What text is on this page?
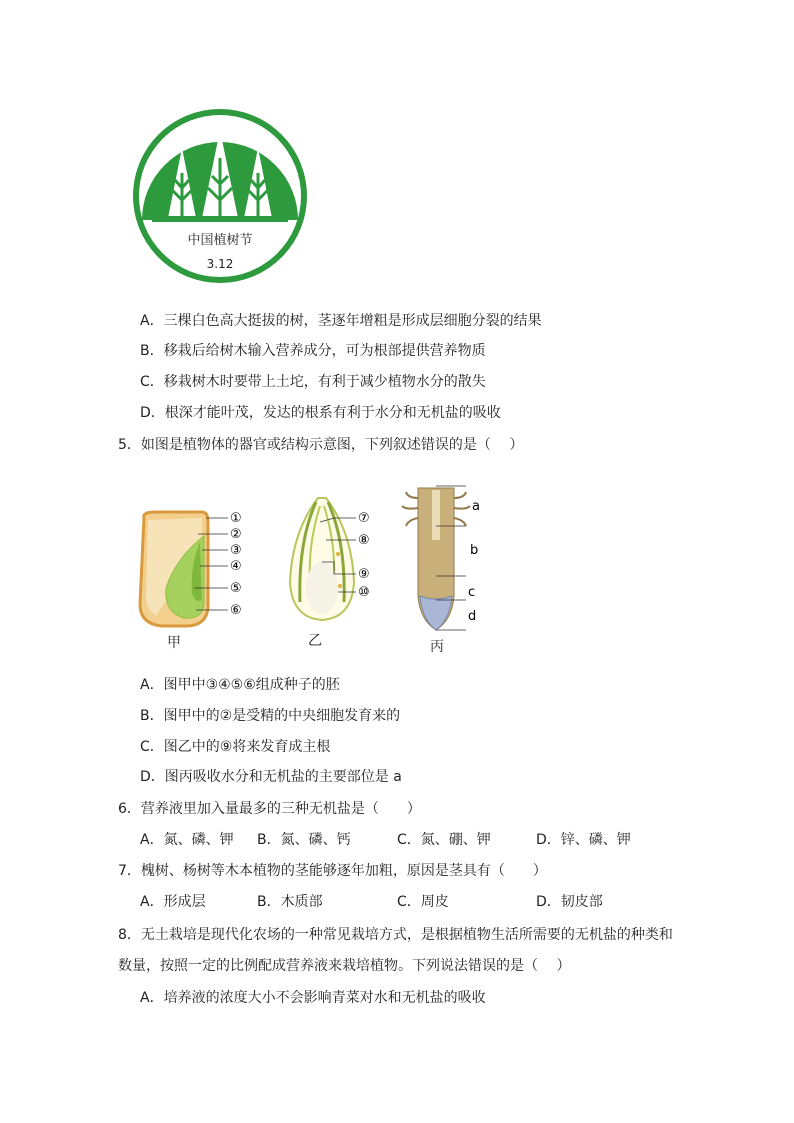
中国植树节
3.12
A．三棵白色高大挺拔的树，茎逐年增粗是形成层细胞分裂的结果
B．移栽后给树木输入营养成分，可为根部提供营养物质
C．移栽树木时要带上土坨，有利于减少植物水分的散失
D．根深才能叶茂，发达的根系有利于水分和无机盐的吸收
5．如图是植物体的器官或结构示意图，下列叙述错误的是（　 ）
①
②
③
④
⑤
⑥
甲
⑦
⑧
⑨
⑩
乙
a
b
c
d
丙
A．图甲中③④⑤⑥组成种子的胚
B．图甲中的②是受精的中央细胞发育来的
C．图乙中的⑨将来发育成主根
D．图丙吸收水分和无机盐的主要部位是 a
6．营养液里加入量最多的三种无机盐是（　　）
A．氮、磷、钾 B．氮、磷、钙	C．氮、硼、钾	D．锌、磷、钾
7．槐树、杨树等木本植物的茎能够逐年加粗，原因是茎具有（　　）
A．形成层	B．木质部	C．周皮	D．韧皮部
8．无土栽培是现代化农场的一种常见栽培方式，是根据植物生活所需要的无机盐的种类和
数量，按照一定的比例配成营养液来栽培植物。下列说法错误的是（　 ）
A．培养液的浓度大小不会影响青菜对水和无机盐的吸收
